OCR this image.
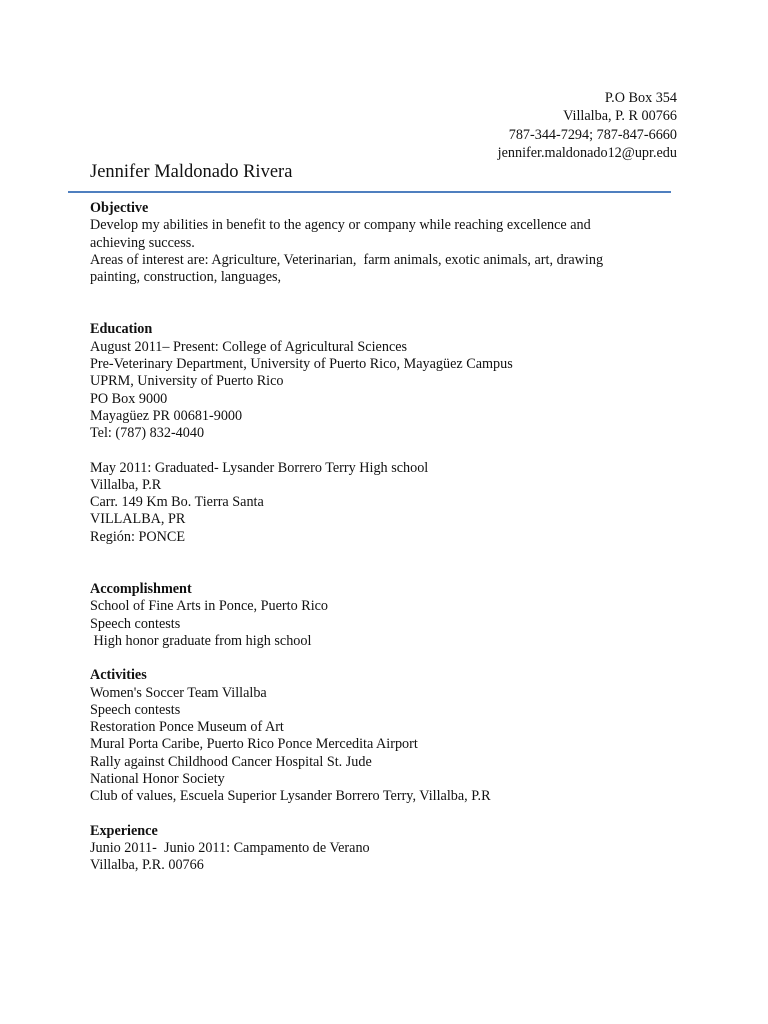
P.O Box 354
Villalba, P. R 00766
787-344-7294; 787-847-6660
jennifer.maldonado12@upr.edu
Jennifer Maldonado Rivera
Objective
Develop my abilities in benefit to the agency or company while reaching excellence and
achieving success.
Areas of interest are: Agriculture, Veterinarian,  farm animals, exotic animals, art, drawing
painting, construction, languages,
Education
August 2011– Present: College of Agricultural Sciences
Pre-Veterinary Department, University of Puerto Rico, Mayagüez Campus
UPRM, University of Puerto Rico
PO Box 9000
Mayagüez PR 00681-9000
Tel: (787) 832-4040
May 2011: Graduated- Lysander Borrero Terry High school
Villalba, P.R
Carr. 149 Km Bo. Tierra Santa
VILLALBA, PR
Región: PONCE
Accomplishment
School of Fine Arts in Ponce, Puerto Rico
Speech contests
High honor graduate from high school
Activities
Women's Soccer Team Villalba
Speech contests
Restoration Ponce Museum of Art
Mural Porta Caribe, Puerto Rico Ponce Mercedita Airport
Rally against Childhood Cancer Hospital St. Jude
National Honor Society
Club of values, Escuela Superior Lysander Borrero Terry, Villalba, P.R
Experience
Junio 2011-  Junio 2011: Campamento de Verano
Villalba, P.R. 00766
